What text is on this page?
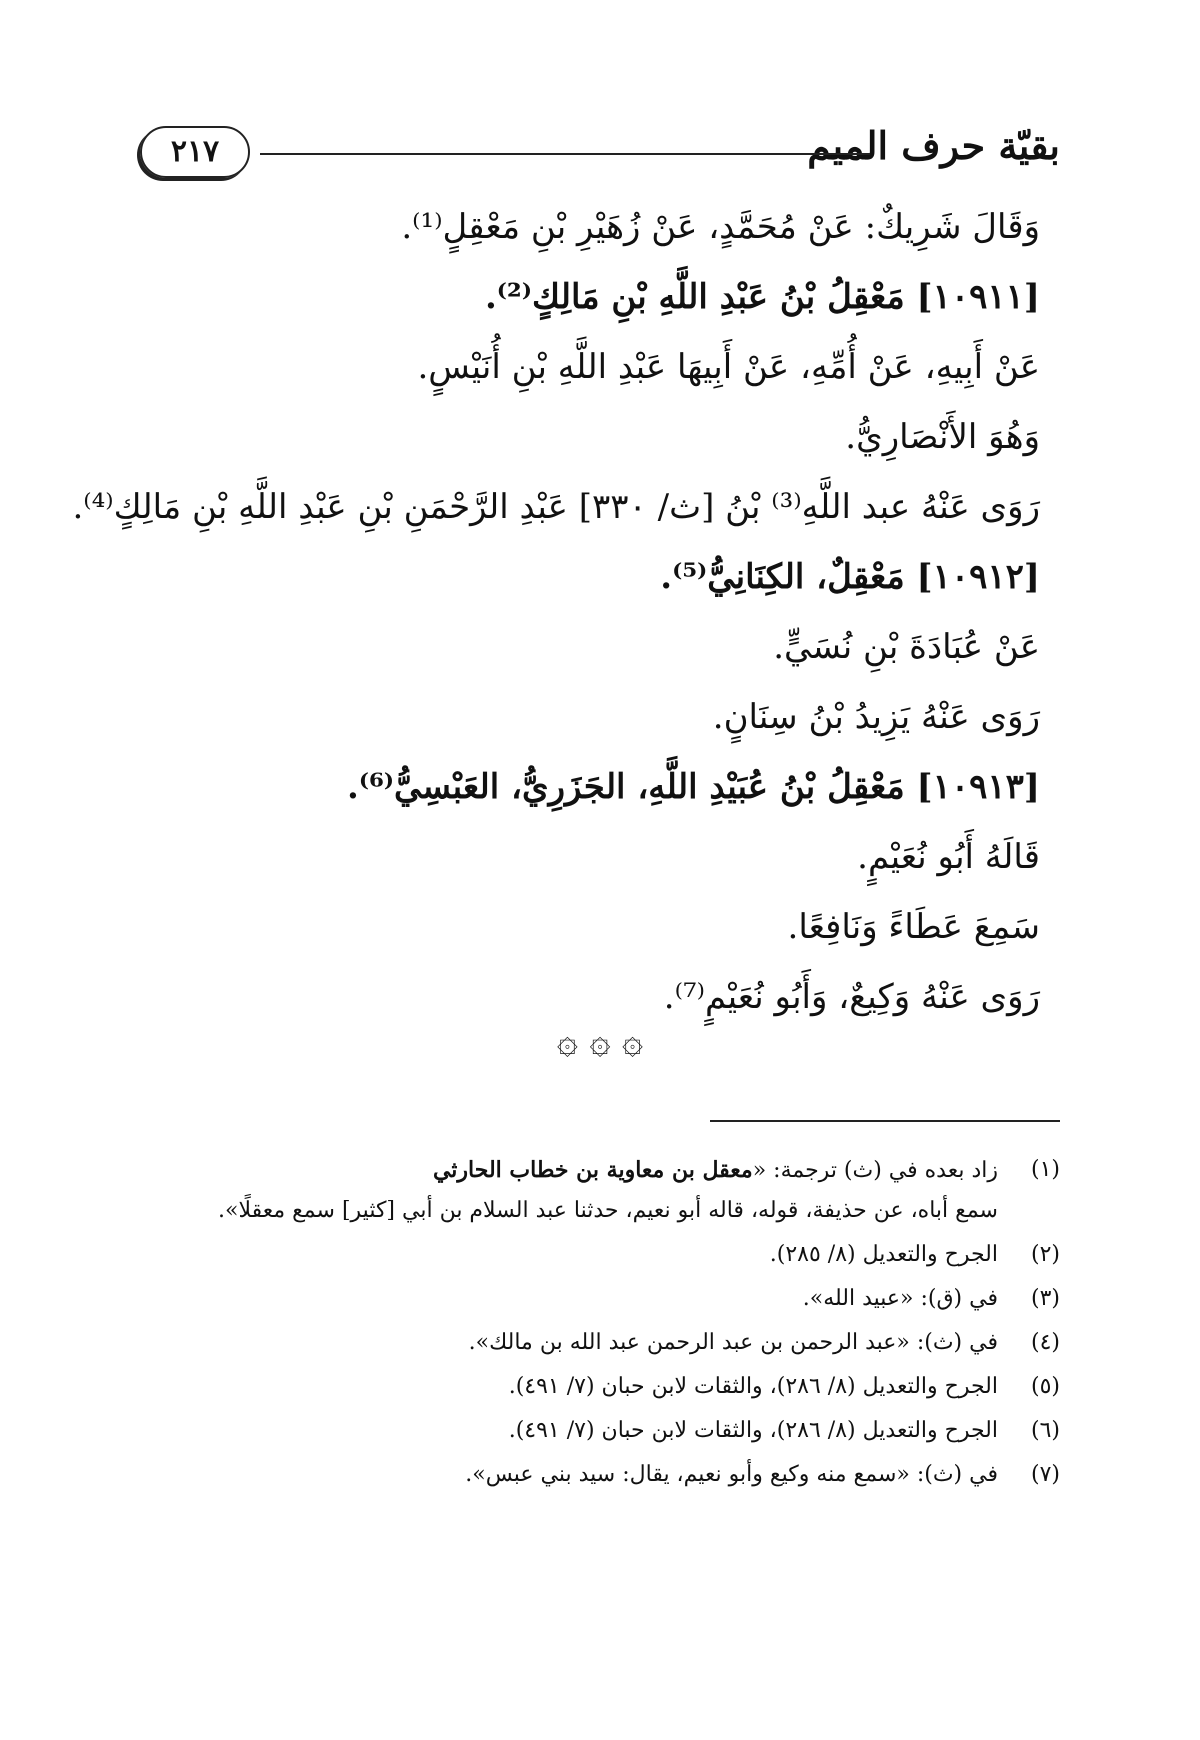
بقيّة حرف الميم
٢١٧
وَقَالَ شَرِيكٌ: عَنْ مُحَمَّدٍ، عَنْ زُهَيْرِ بْنِ مَعْقِلٍ⁽¹⁾.
[١٠٩١١] مَعْقِلُ بْنُ عَبْدِ اللَّهِ بْنِ مَالِكٍ⁽²⁾.
عَنْ أَبِيهِ، عَنْ أُمِّهِ، عَنْ أَبِيهَا عَبْدِ اللَّهِ بْنِ أُنَيْسٍ.
وَهُوَ الأَنْصَارِيُّ.
رَوَى عَنْهُ عبد اللَّهِ⁽³⁾ بْنُ [ث/ ٣٣٠] عَبْدِ الرَّحْمَنِ بْنِ عَبْدِ اللَّهِ بْنِ مَالِكٍ⁽⁴⁾.
[١٠٩١٢] مَعْقِلٌ، الكِنَانِيُّ⁽⁵⁾.
عَنْ عُبَادَةَ بْنِ نُسَيٍّ.
رَوَى عَنْهُ يَزِيدُ بْنُ سِنَانٍ.
[١٠٩١٣] مَعْقِلُ بْنُ عُبَيْدِ اللَّهِ، الجَزَرِيُّ، العَبْسِيُّ⁽⁶⁾.
قَالَهُ أَبُو نُعَيْمٍ.
سَمِعَ عَطَاءً وَنَافِعًا.
رَوَى عَنْهُ وَكِيعٌ، وَأَبُو نُعَيْمٍ⁽⁷⁾.
۞ ۞ ۞
(١)
زاد بعده في (ث) ترجمة: «معقل بن معاوية بن خطاب الحارثي
سمع أباه، عن حذيفة، قوله، قاله أبو نعيم، حدثنا عبد السلام بن أبي [كثير] سمع معقلًا».
(٢)
الجرح والتعديل (٨/ ٢٨٥).
(٣)
في (ق): «عبيد الله».
(٤)
في (ث): «عبد الرحمن بن عبد الرحمن عبد الله بن مالك».
(٥)
الجرح والتعديل (٨/ ٢٨٦)، والثقات لابن حبان (٧/ ٤٩١).
(٦)
الجرح والتعديل (٨/ ٢٨٦)، والثقات لابن حبان (٧/ ٤٩١).
(٧)
في (ث): «سمع منه وكيع وأبو نعيم، يقال: سيد بني عبس».
